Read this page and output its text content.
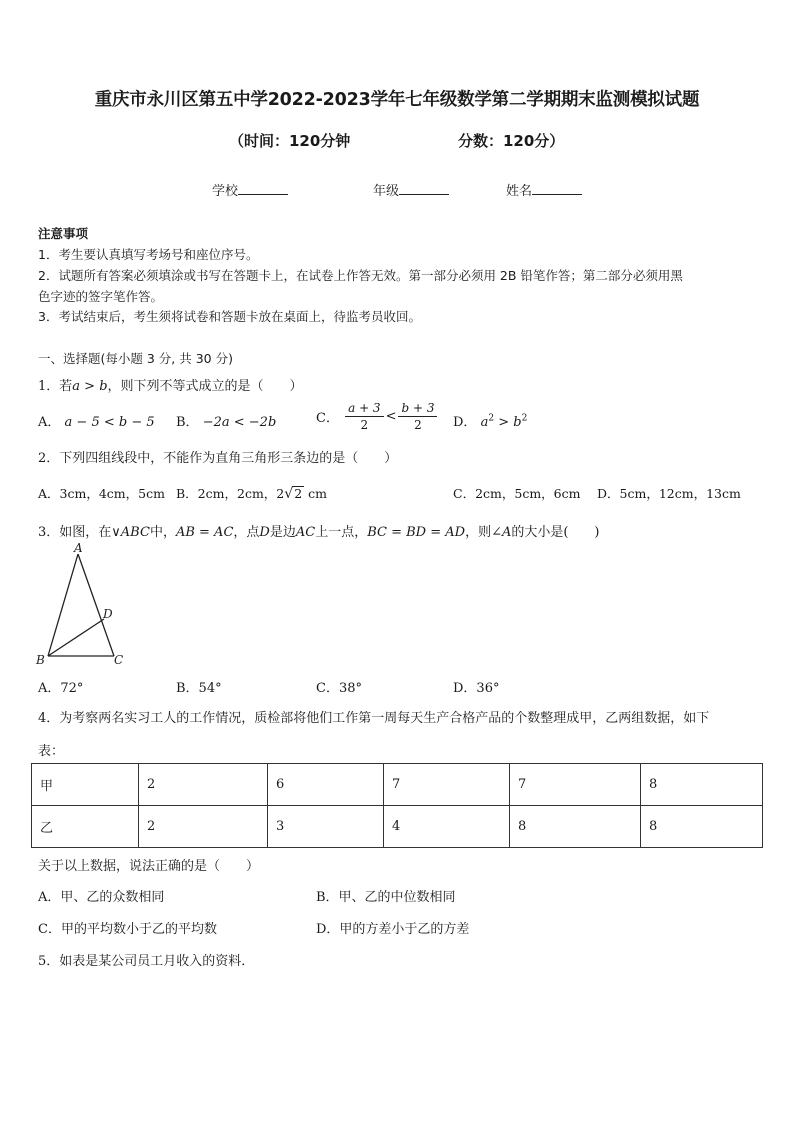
重庆市永川区第五中学2022-2023学年七年级数学第二学期期末监测模拟试题
（时间：120分钟	分数：120分）
学校	年级	姓名
注意事项
1．考生要认真填写考场号和座位序号。
2．试题所有答案必须填涂或书写在答题卡上，在试卷上作答无效。第一部分必须用 2B 铅笔作答；第二部分必须用黑
色字迹的签字笔作答。
3．考试结束后，考生须将试卷和答题卡放在桌面上，待监考员收回。
一、选择题(每小题 3 分, 共 30 分)
1．若a > b，则下列不等式成立的是（　　）
A． a − 5 < b − 5 B． −2a < −2b	C． $\frac{a + 3}{2} < \frac{b + 3}{2}$ D． $a^2 > b^2$
2．下列四组线段中，不能作为直角三角形三条边的是（　　）
A．3cm，4cm，5cm B．2cm，2cm，2√2 cm	C．2cm，5cm，6cm D．5cm，12cm，13cm
3．如图，在∨ABC中，AB = AC，点D是边AC上一点，BC = BD = AD，则∠A的大小是(　　)
A
B	C
D
A．72°	B．54°	C．38°	D．36°
4．为考察两名实习工人的工作情况，质检部将他们工作第一周每天生产合格产品的个数整理成甲，乙两组数据，如下
表：
甲	2	6	7	7	8
乙	2	3	4	8	8
关于以上数据，说法正确的是（　　）
A．甲、乙的众数相同	B．甲、乙的中位数相同
C．甲的平均数小于乙的平均数	D．甲的方差小于乙的方差
5．如表是某公司员工月收入的资料．
